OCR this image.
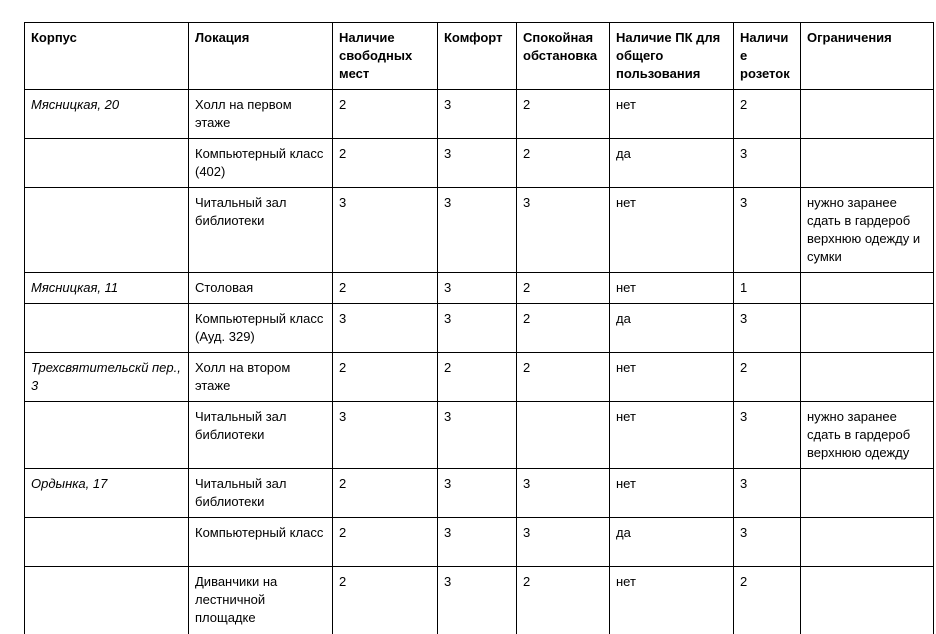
Корпус	Локация	Наличие свободных мест	Комфорт	Спокойная обстановка	Наличие ПК для общего пользования	Наличи е розеток	Ограничения
Мясницкая, 20	Холл на первом этаже	2	3	2	нет	2	
	Компьютерный класс (402)	2	3	2	да	3	
	Читальный зал библиотеки	3	3	3	нет	3	нужно заранее сдать в гардероб верхнюю одежду и сумки
Мясницкая, 11	Столовая	2	3	2	нет	1	
	Компьютерный класс (Ауд. 329)	3	3	2	да	3	
Трехсвятительскй пер., 3	Холл на втором этаже	2	2	2	нет	2	
	Читальный зал библиотеки	3	3		нет	3	нужно заранее сдать в гардероб верхнюю одежду
Ордынка, 17	Читальный зал библиотеки	2	3	3	нет	3	
	Компьютерный класс	2	3	3	да	3	
	Диванчики на лестничной площадке	2	3	2	нет	2	
